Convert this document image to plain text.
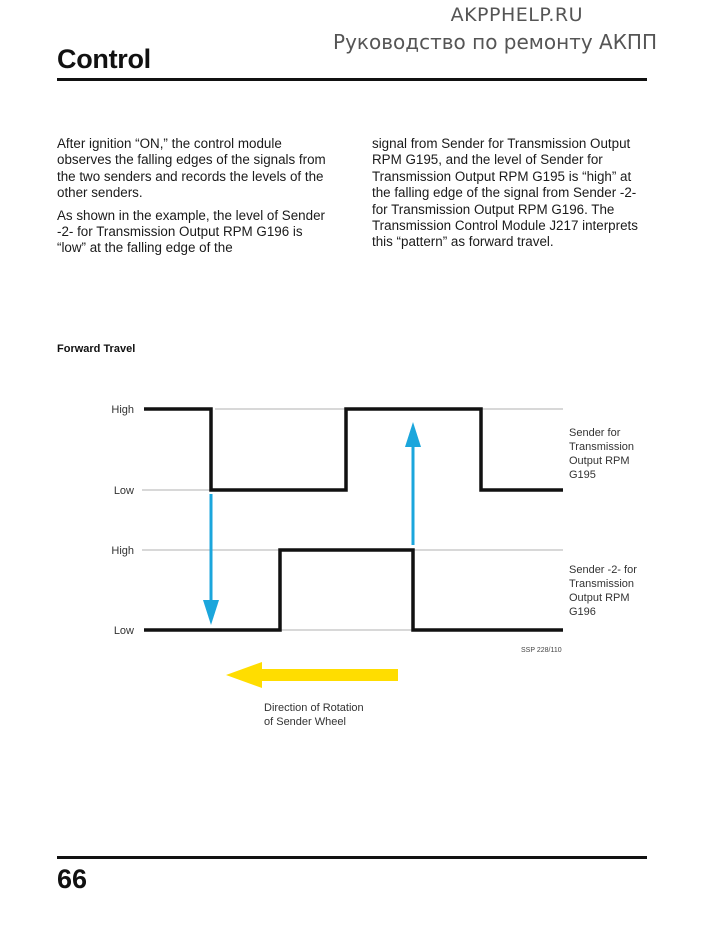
AKPPHELP.RU
Руководство по ремонту АКПП
Control

After ignition “ON,” the control module observes the falling edges of the signals from the two senders and records the levels of the other senders.

As shown in the example, the level of Sender -2- for Transmission Output RPM G196 is “low” at the falling edge of the

signal from Sender for Transmission Output RPM G195, and the level of Sender for Transmission Output RPM G195 is “high” at the falling edge of the signal from Sender -2- for Transmission Output RPM G196. The Transmission Control Module J217 interprets this “pattern” as forward travel.

Forward Travel
High
Low
High
Low
Sender for
Transmission
Output RPM
G195
Sender -2- for
Transmission
Output RPM
G196
SSP 228/110
Direction of Rotation
of Sender Wheel
66
